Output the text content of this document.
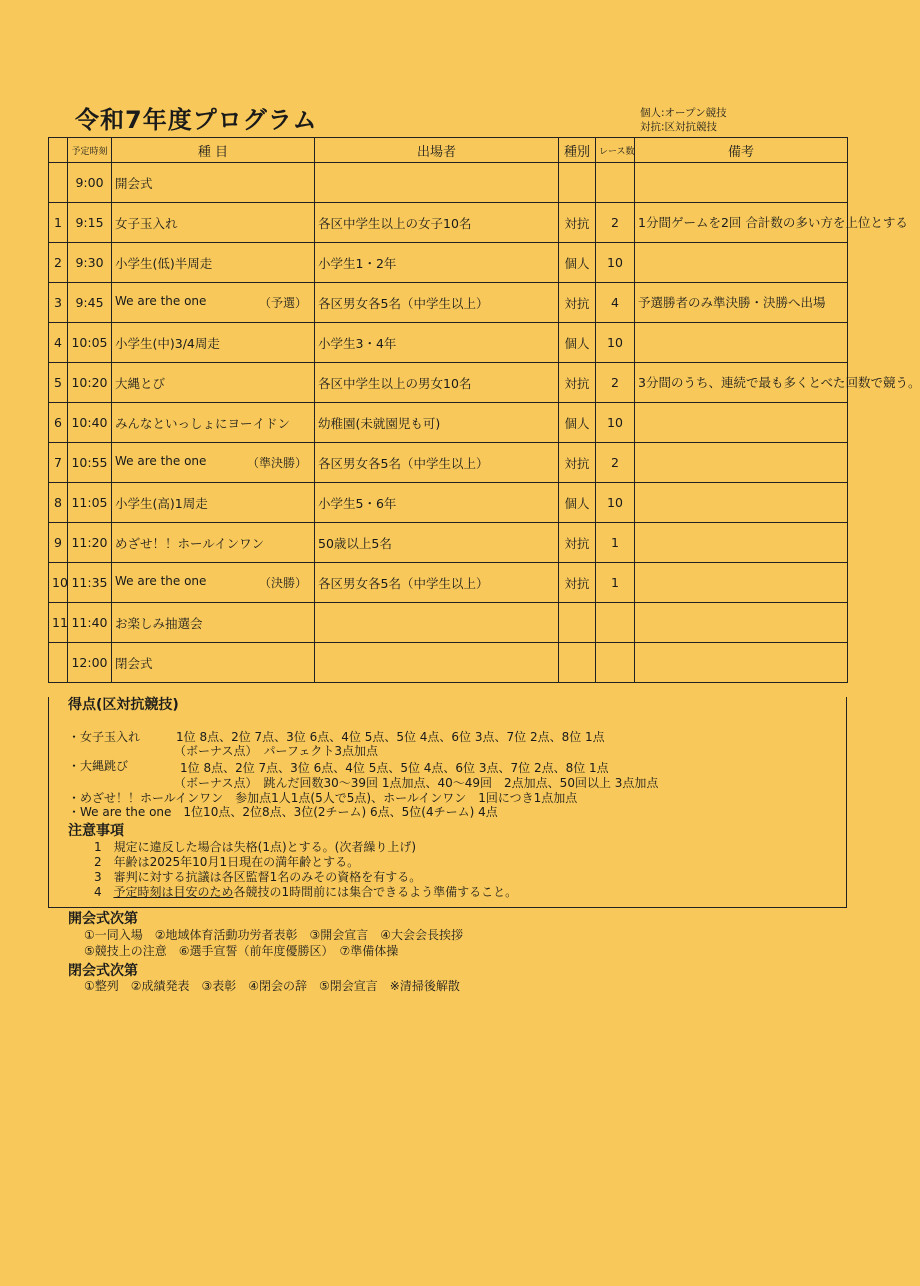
令和7年度プログラム	個人:オープン競技
対抗:区対抗競技
	予定時刻	種 目	出場者	種別	レース数	備考
	9:00	開会式

1	9:15	女子玉入れ	各区中学生以上の女子10名	対抗	2	1分間ゲームを2回 合計数の多い方を上位とする
2	9:30	小学生(低)半周走	小学生1・2年	個人	10	
3	9:45	We are the one （予選）	各区男女各5名（中学生以上）	対抗	4	予選勝者のみ準決勝・決勝へ出場
4	10:05	小学生(中)3/4周走	小学生3・4年	個人	10	
5	10:20	大縄とび	各区中学生以上の男女10名	対抗	2	3分間のうち、連続で最も多くとべた回数で競う。
6	10:40	みんなといっしょにヨーイドン	幼稚園(未就園児も可)	個人	10	
7	10:55	We are the one （準決勝）	各区男女各5名（中学生以上）	対抗	2	
8	11:05	小学生(高)1周走	小学生5・6年	個人	10	
9	11:20	めざせ！！ホールインワン	50歳以上5名	対抗	1	
10	11:35	We are the one （決勝）	各区男女各5名（中学生以上）	対抗	1	
11	11:40	お楽しみ抽選会

	12:00	閉会式

得点(区対抗競技)
・女子玉入れ	1位 8点、2位 7点、3位 6点、4位 5点、5位 4点、6位 3点、7位 2点、8位 1点
（ボーナス点）　パーフェクト3点加点
・大縄跳び	1位 8点、2位 7点、3位 6点、4位 5点、5位 4点、6位 3点、7位 2点、8位 1点
（ボーナス点）　跳んだ回数30～39回 1点加点、40～49回　2点加点、50回以上 3点加点
・めざせ！！ホールインワン　参加点1人1点(5人で5点)、ホールインワン　1回につき1点加点
・We are the one　1位10点、2位8点、3位(2チーム) 6点、5位(4チーム) 4点
注意事項
1　規定に違反した場合は失格(1点)とする。(次者繰り上げ)
2　年齢は2025年10月1日現在の満年齢とする。
3　審判に対する抗議は各区監督1名のみその資格を有する。
4 予定時刻は目安のため各競技の1時間前には集合できるよう準備すること。
開会式次第
①一同入場　②地域体育活動功労者表彰　③開会宣言　④大会会長挨拶
⑤競技上の注意　⑥選手宣誓（前年度優勝区）　⑦準備体操
閉会式次第
①整列　②成績発表　③表彰　④閉会の辞　⑤閉会宣言　※清掃後解散
